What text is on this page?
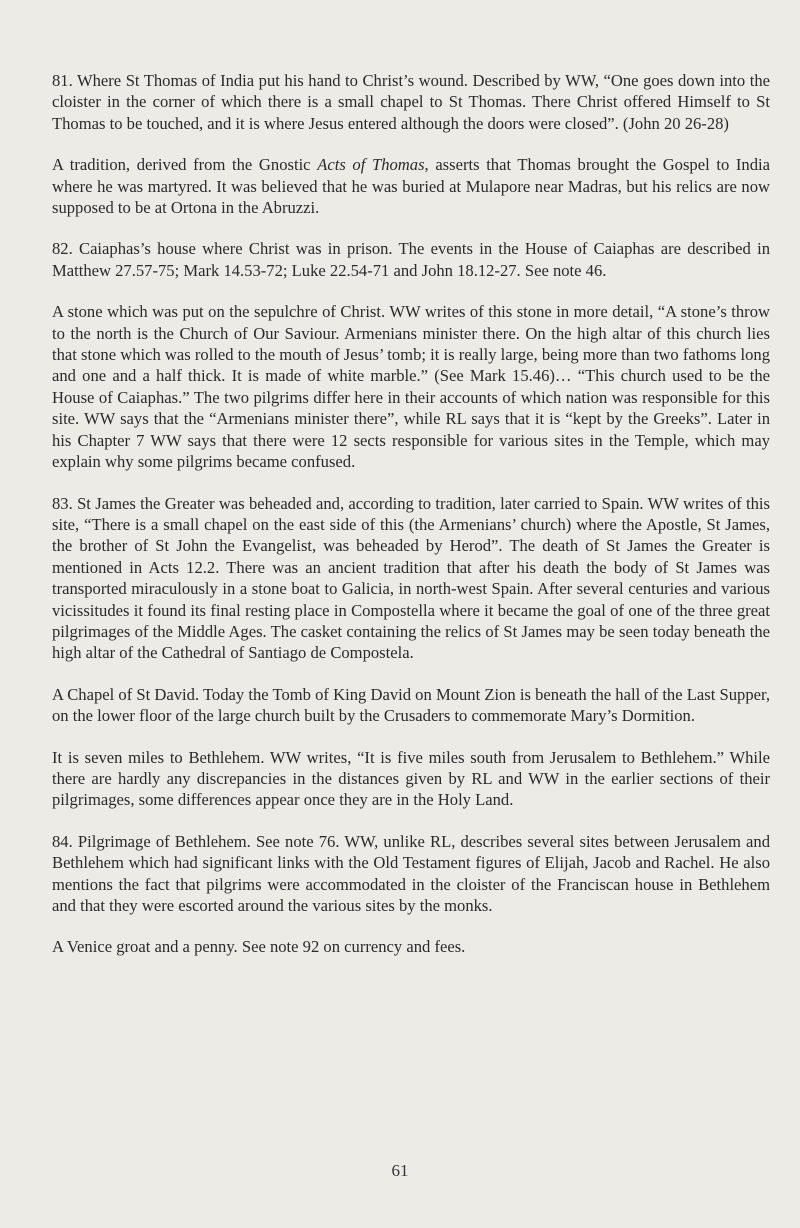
81. Where St Thomas of India put his hand to Christ’s wound. Described by WW, “One goes down into the cloister in the corner of which there is a small chapel to St Thomas. There Christ offered Himself to St Thomas to be touched, and it is where Jesus entered although the doors were closed”. (John 20 26-28)

A tradition, derived from the Gnostic Acts of Thomas, asserts that Thomas brought the Gospel to India where he was martyred. It was believed that he was buried at Mulapore near Madras, but his relics are now supposed to be at Ortona in the Abruzzi.

82. Caiaphas’s house where Christ was in prison. The events in the House of Caiaphas are described in Matthew 27.57-75; Mark 14.53-72; Luke 22.54-71 and John 18.12-27. See note 46.

A stone which was put on the sepulchre of Christ. WW writes of this stone in more detail, “A stone’s throw to the north is the Church of Our Saviour. Armenians minister there. On the high altar of this church lies that stone which was rolled to the mouth of Jesus’ tomb; it is really large, being more than two fathoms long and one and a half thick. It is made of white marble.” (See Mark 15.46)… “This church used to be the House of Caiaphas.” The two pilgrims differ here in their accounts of which nation was responsible for this site. WW says that the “Armenians minister there”, while RL says that it is “kept by the Greeks”. Later in his Chapter 7 WW says that there were 12 sects responsible for various sites in the Temple, which may explain why some pilgrims became confused.

83. St James the Greater was beheaded and, according to tradition, later carried to Spain. WW writes of this site, “There is a small chapel on the east side of this (the Armenians’ church) where the Apostle, St James, the brother of St John the Evangelist, was beheaded by Herod”. The death of St James the Greater is mentioned in Acts 12.2. There was an ancient tradition that after his death the body of St James was transported miraculously in a stone boat to Galicia, in north-west Spain. After several centuries and various vicissitudes it found its final resting place in Compostella where it became the goal of one of the three great pilgrimages of the Middle Ages. The casket containing the relics of St James may be seen today beneath the high altar of the Cathedral of Santiago de Compostela.

A Chapel of St David. Today the Tomb of King David on Mount Zion is beneath the hall of the Last Supper, on the lower floor of the large church built by the Crusaders to commemorate Mary’s Dormition.

It is seven miles to Bethlehem. WW writes, “It is five miles south from Jerusalem to Bethlehem.” While there are hardly any discrepancies in the distances given by RL and WW in the earlier sections of their pilgrimages, some differences appear once they are in the Holy Land.

84. Pilgrimage of Bethlehem. See note 76. WW, unlike RL, describes several sites between Jerusalem and Bethlehem which had significant links with the Old Testament figures of Elijah, Jacob and Rachel. He also mentions the fact that pilgrims were accommodated in the cloister of the Franciscan house in Bethlehem and that they were escorted around the various sites by the monks.

A Venice groat and a penny. See note 92 on currency and fees.

61
